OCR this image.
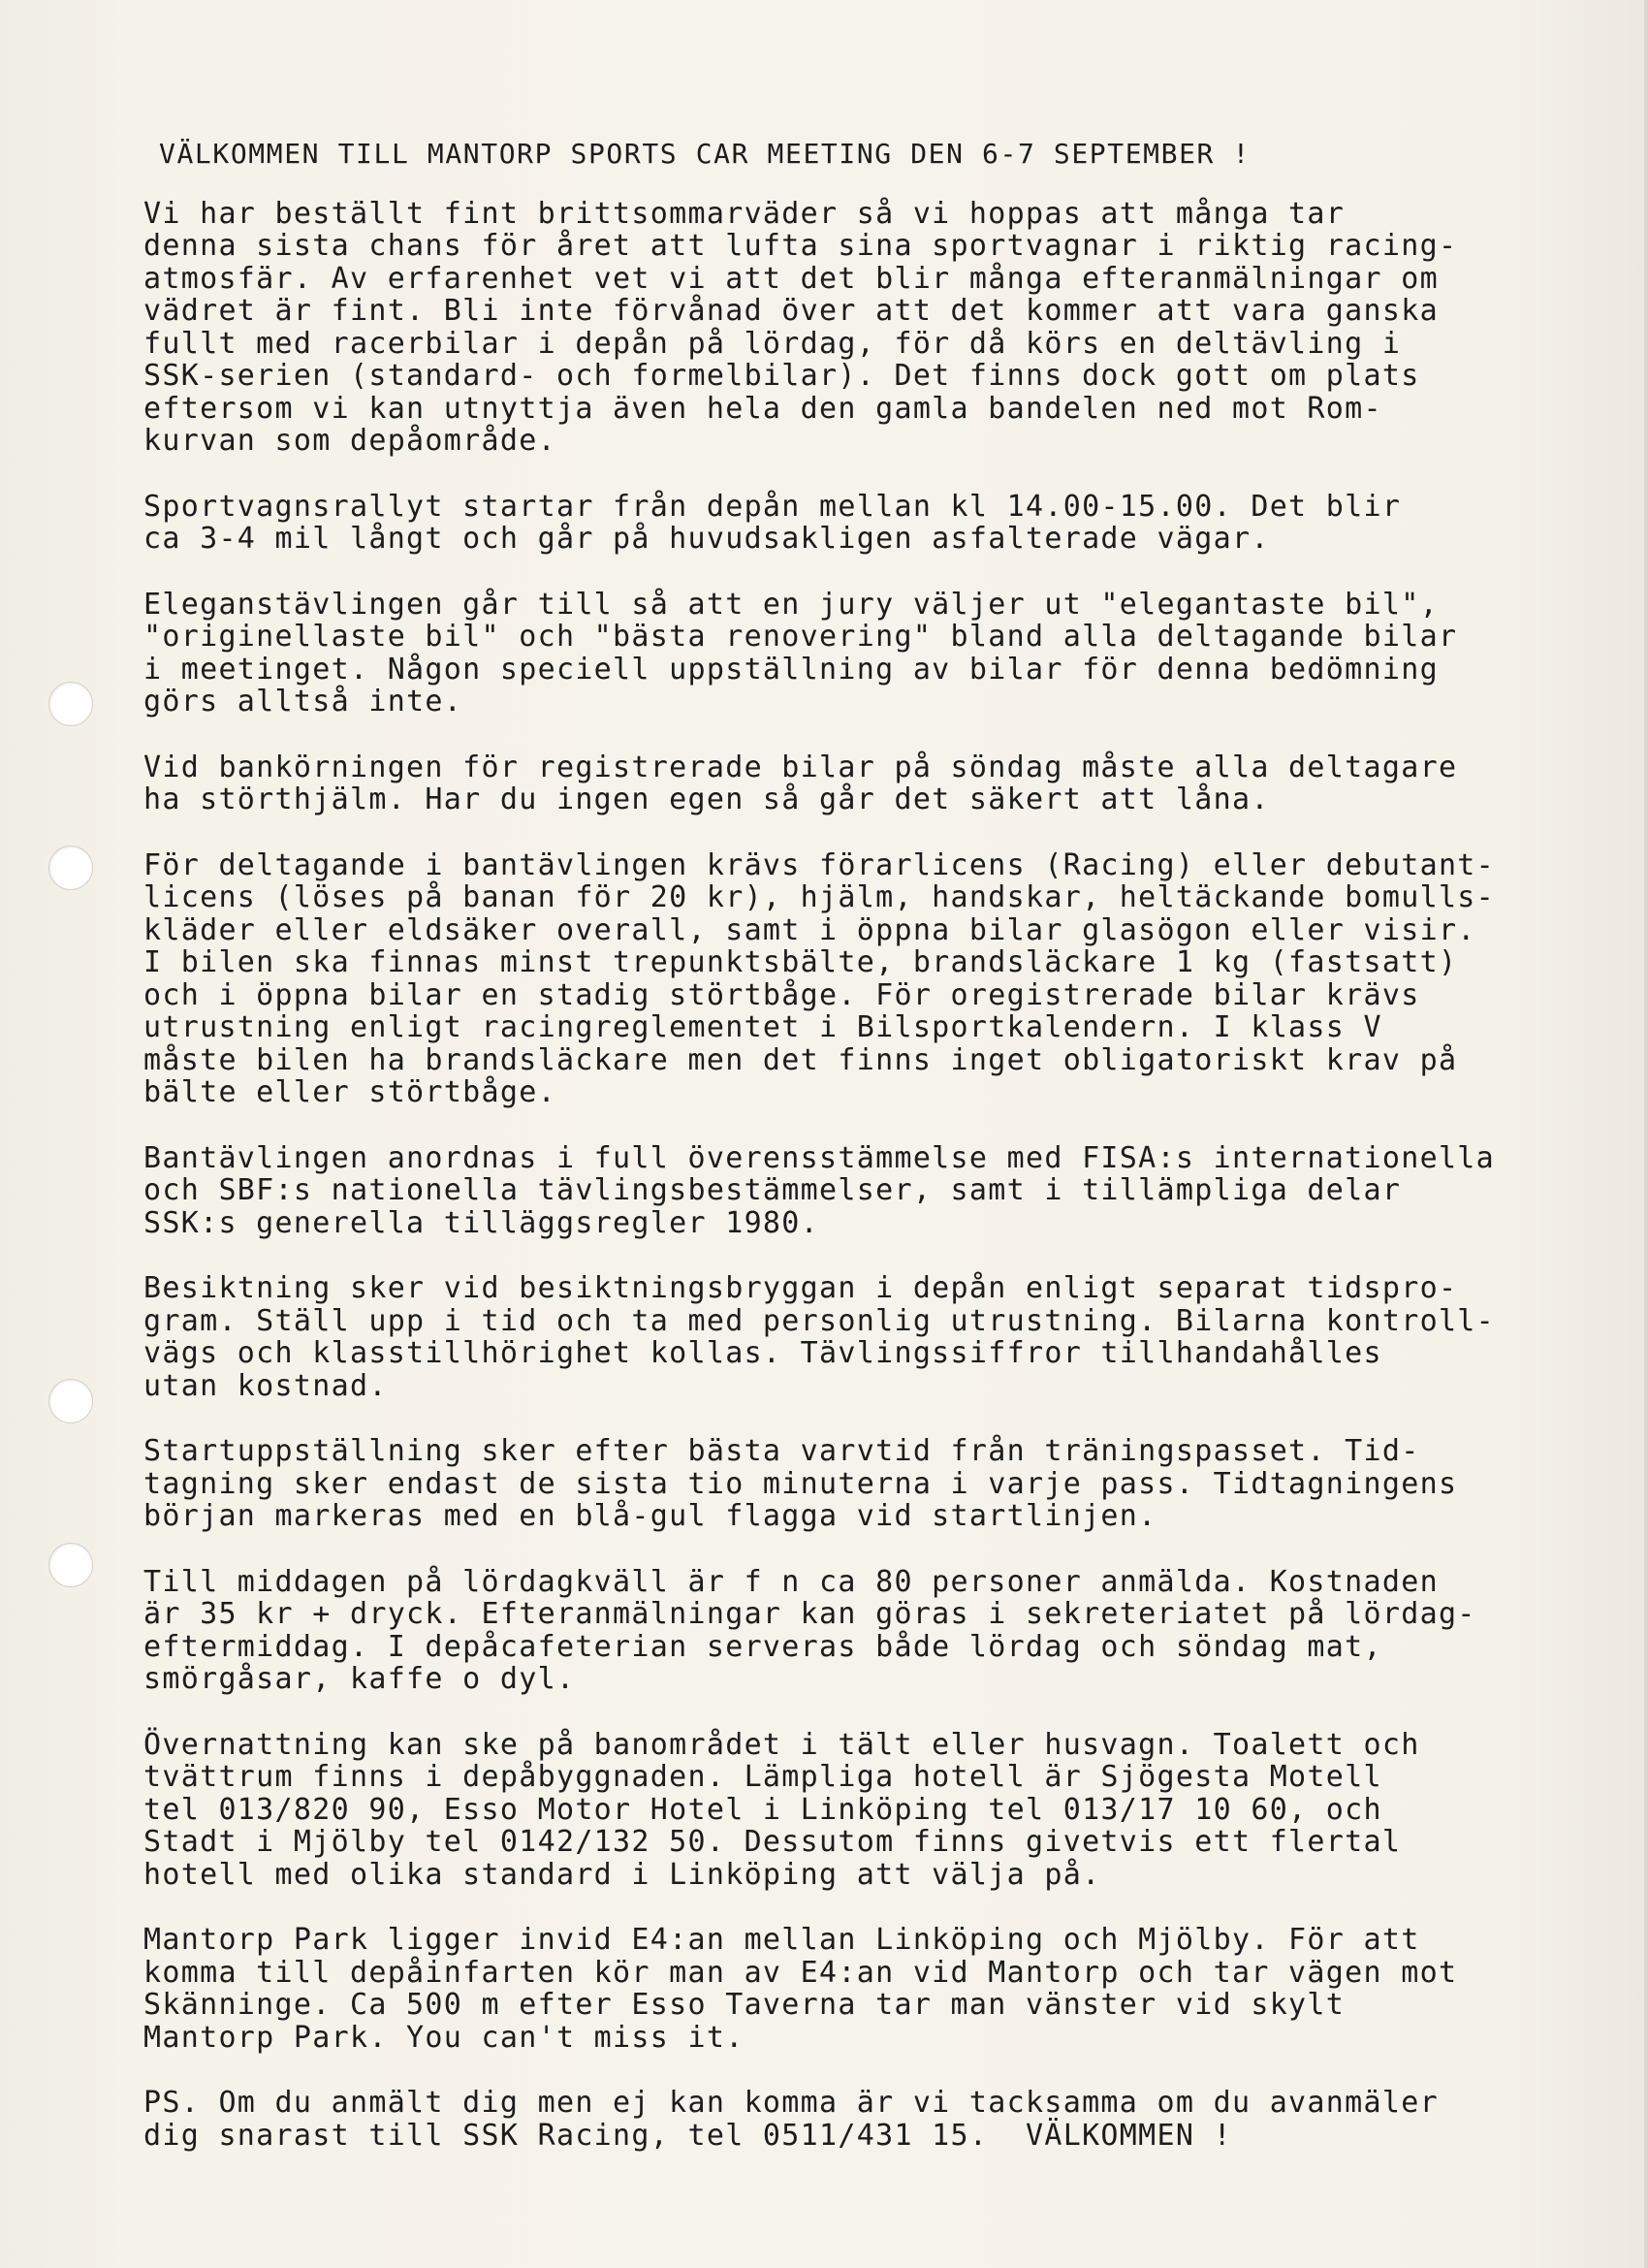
VÄLKOMMEN TILL MANTORP SPORTS CAR MEETING DEN 6-7 SEPTEMBER !
Vi har beställt fint brittsommarväder så vi hoppas att många tar
denna sista chans för året att lufta sina sportvagnar i riktig racing-
atmosfär. Av erfarenhet vet vi att det blir många efteranmälningar om
vädret är fint. Bli inte förvånad över att det kommer att vara ganska
fullt med racerbilar i depån på lördag, för då körs en deltävling i
SSK-serien (standard- och formelbilar). Det finns dock gott om plats
eftersom vi kan utnyttja även hela den gamla bandelen ned mot Rom-
kurvan som depåområde.
Sportvagnsrallyt startar från depån mellan kl 14.00-15.00. Det blir
ca 3-4 mil långt och går på huvudsakligen asfalterade vägar.
Eleganstävlingen går till så att en jury väljer ut "elegantaste bil",
"originellaste bil" och "bästa renovering" bland alla deltagande bilar
i meetinget. Någon speciell uppställning av bilar för denna bedömning
görs alltså inte.
Vid bankörningen för registrerade bilar på söndag måste alla deltagare
ha störthjälm. Har du ingen egen så går det säkert att låna.
För deltagande i bantävlingen krävs förarlicens (Racing) eller debutant-
licens (löses på banan för 20 kr), hjälm, handskar, heltäckande bomulls-
kläder eller eldsäker overall, samt i öppna bilar glasögon eller visir.
I bilen ska finnas minst trepunktsbälte, brandsläckare 1 kg (fastsatt)
och i öppna bilar en stadig störtbåge. För oregistrerade bilar krävs
utrustning enligt racingreglementet i Bilsportkalendern. I klass V
måste bilen ha brandsläckare men det finns inget obligatoriskt krav på
bälte eller störtbåge.
Bantävlingen anordnas i full överensstämmelse med FISA:s internationella
och SBF:s nationella tävlingsbestämmelser, samt i tillämpliga delar
SSK:s generella tilläggsregler 1980.
Besiktning sker vid besiktningsbryggan i depån enligt separat tidspro-
gram. Ställ upp i tid och ta med personlig utrustning. Bilarna kontroll-
vägs och klasstillhörighet kollas. Tävlingssiffror tillhandahålles
utan kostnad.
Startuppställning sker efter bästa varvtid från träningspasset. Tid-
tagning sker endast de sista tio minuterna i varje pass. Tidtagningens
början markeras med en blå-gul flagga vid startlinjen.
Till middagen på lördagkväll är f n ca 80 personer anmälda. Kostnaden
är 35 kr + dryck. Efteranmälningar kan göras i sekreteriatet på lördag-
eftermiddag. I depåcafeterian serveras både lördag och söndag mat,
smörgåsar, kaffe o dyl.
Övernattning kan ske på banområdet i tält eller husvagn. Toalett och
tvättrum finns i depåbyggnaden. Lämpliga hotell är Sjögesta Motell
tel 013/820 90, Esso Motor Hotel i Linköping tel 013/17 10 60, och
Stadt i Mjölby tel 0142/132 50. Dessutom finns givetvis ett flertal
hotell med olika standard i Linköping att välja på.
Mantorp Park ligger invid E4:an mellan Linköping och Mjölby. För att
komma till depåinfarten kör man av E4:an vid Mantorp och tar vägen mot
Skänninge. Ca 500 m efter Esso Taverna tar man vänster vid skylt
Mantorp Park. You can't miss it.
PS. Om du anmält dig men ej kan komma är vi tacksamma om du avanmäler
dig snarast till SSK Racing, tel 0511/431 15.  VÄLKOMMEN !
